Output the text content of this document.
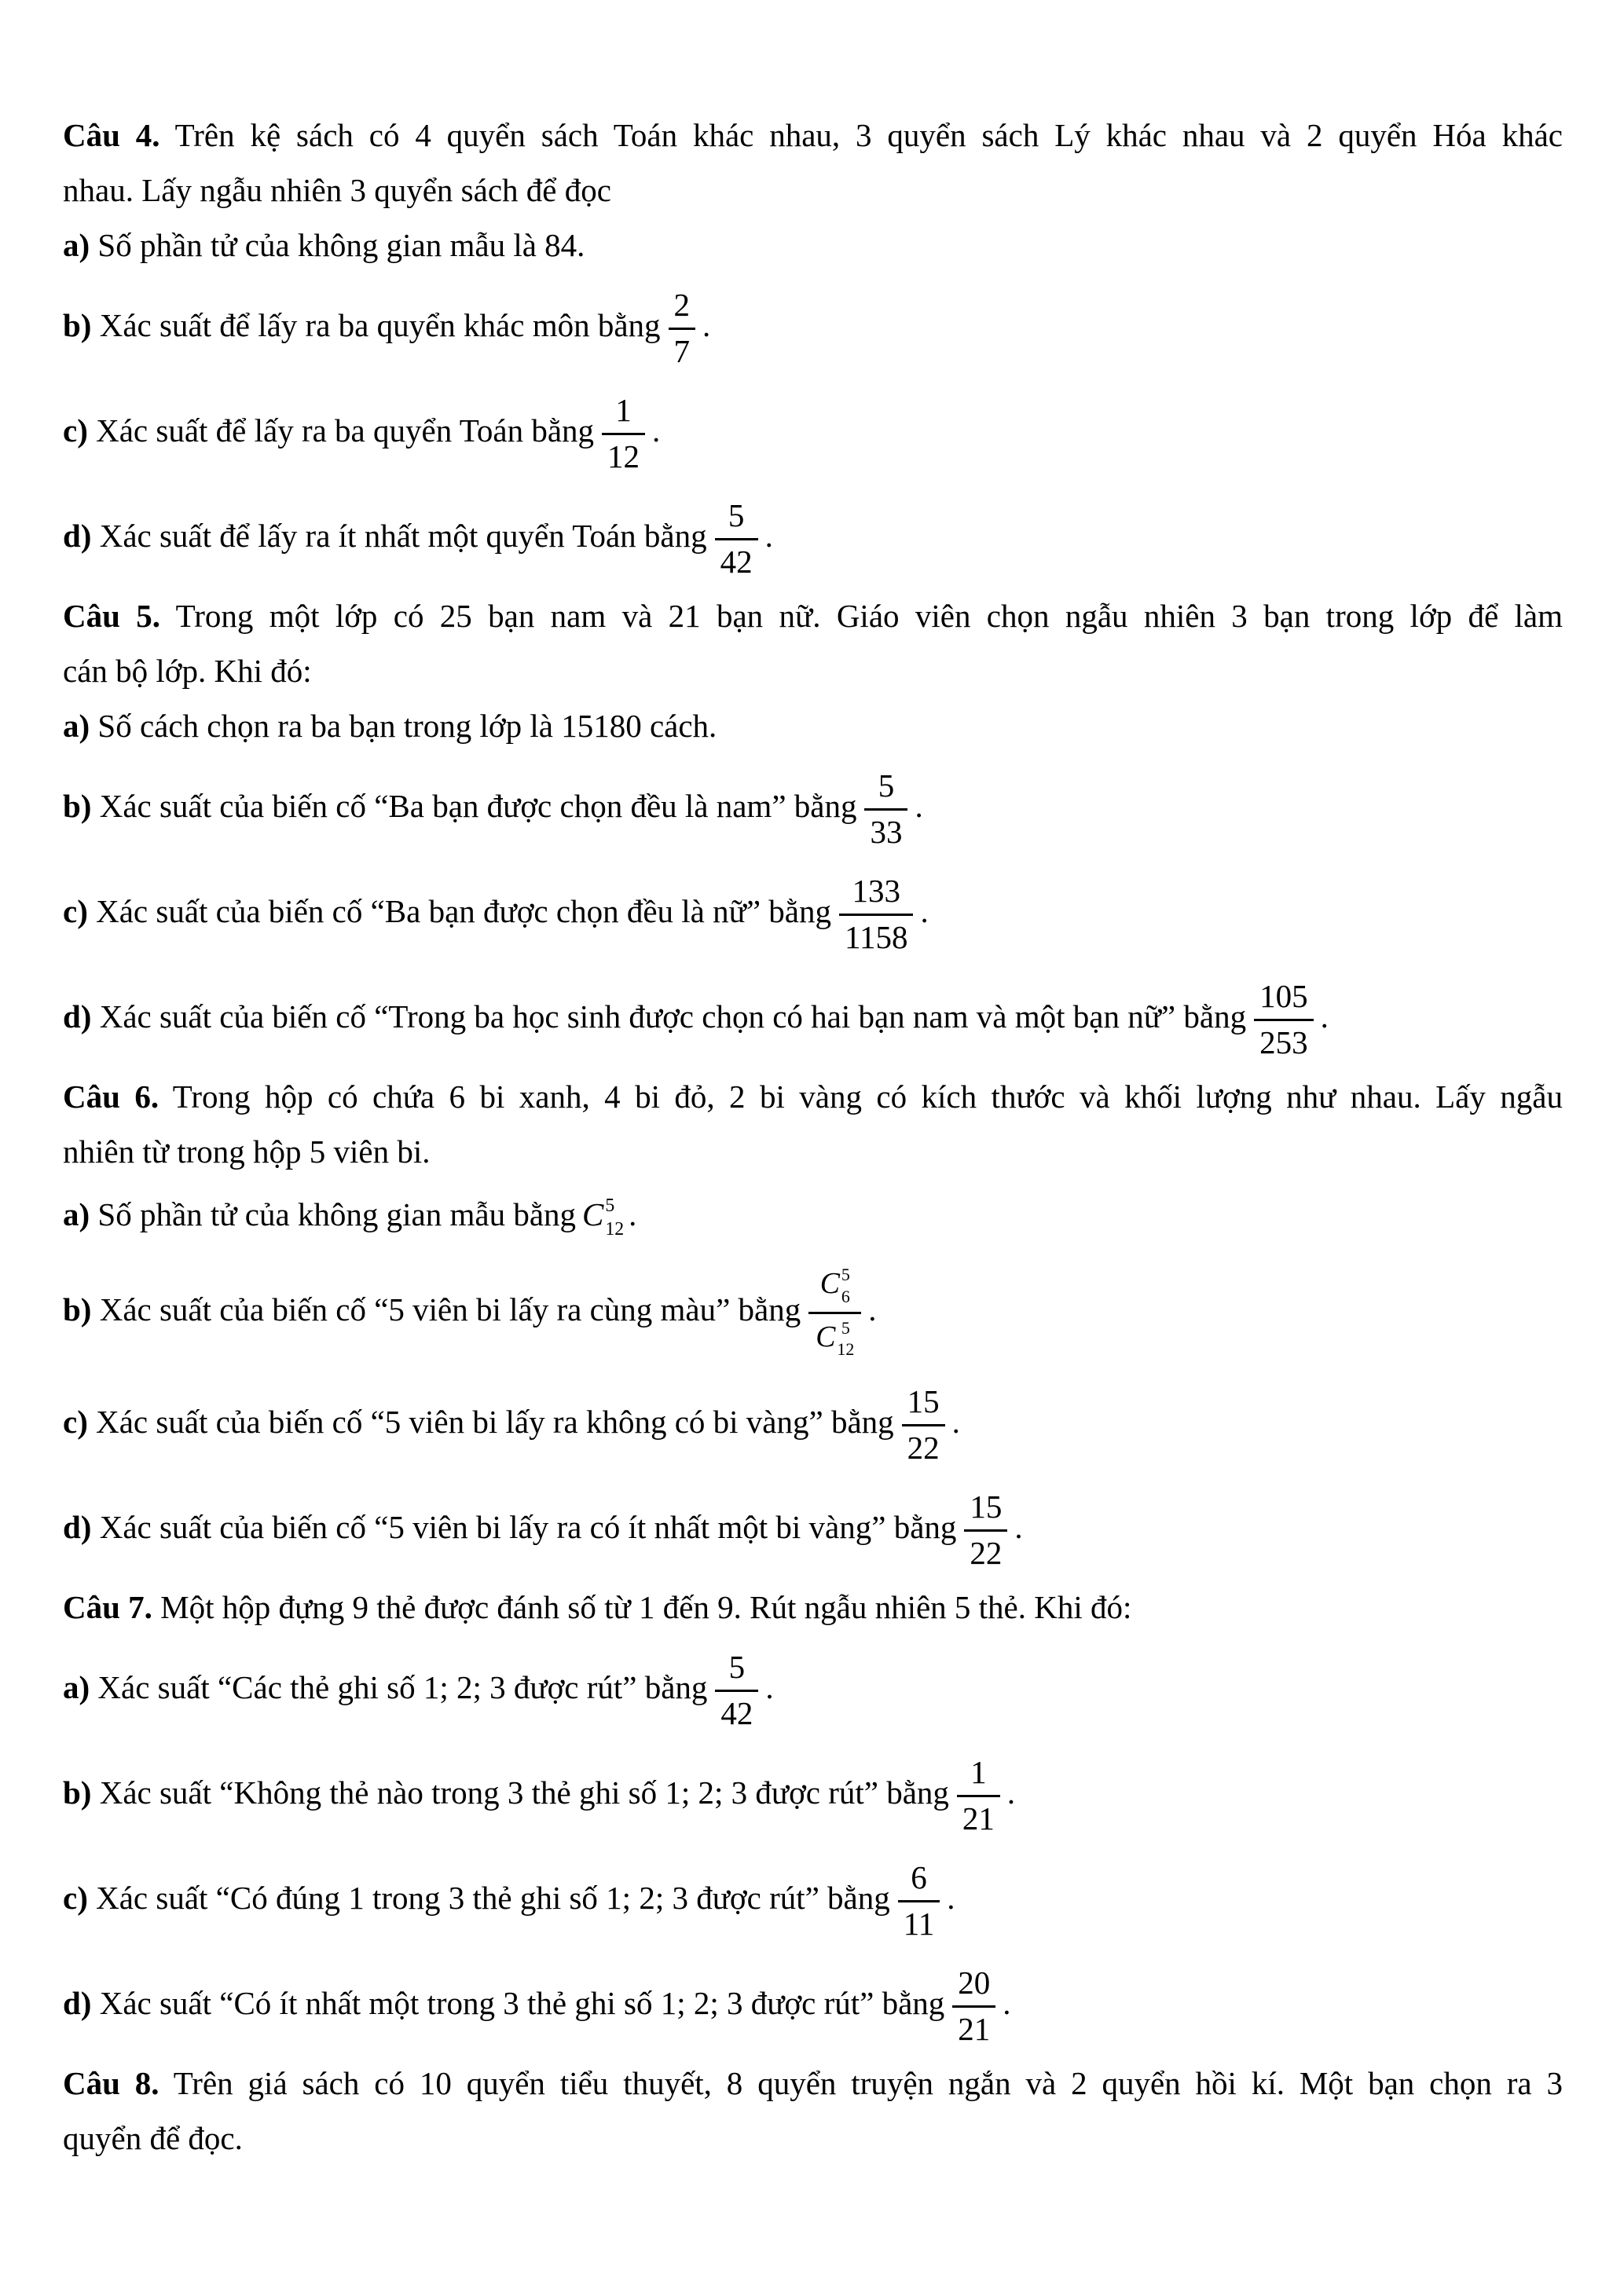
Câu 4. Trên kệ sách có 4 quyển sách Toán khác nhau, 3 quyển sách Lý khác nhau và 2 quyển Hóa khác
nhau. Lấy ngẫu nhiên 3 quyển sách để đọc
a) Số phần tử của không gian mẫu là 84.
b) Xác suất để lấy ra ba quyển khác môn bằng $\frac{2}{7}$ .
c) Xác suất để lấy ra ba quyển Toán bằng $\frac{1}{12}$ .
d) Xác suất để lấy ra ít nhất một quyển Toán bằng $\frac{5}{42}$ .
Câu 5. Trong một lớp có 25 bạn nam và 21 bạn nữ. Giáo viên chọn ngẫu nhiên 3 bạn trong lớp để làm
cán bộ lớp. Khi đó:
a) Số cách chọn ra ba bạn trong lớp là 15180 cách.
b) Xác suất của biến cố “Ba bạn được chọn đều là nam” bằng $\frac{5}{33}$ .
c) Xác suất của biến cố “Ba bạn được chọn đều là nữ” bằng $\frac{133}{1158}$ .
d) Xác suất của biến cố “Trong ba học sinh được chọn có hai bạn nam và một bạn nữ” bằng $\frac{105}{253}$ .
Câu 6. Trong hộp có chứa 6 bi xanh, 4 bi đỏ, 2 bi vàng có kích thước và khối lượng như nhau. Lấy ngẫu
nhiên từ trong hộp 5 viên bi.
a) Số phần tử của không gian mẫu bằng C 5
12 .
b) Xác suất của biến cố “5 viên bi lấy ra cùng màu” bằng C 5
6
C 5
12 .
c) Xác suất của biến cố “5 viên bi lấy ra không có bi vàng” bằng $\frac{15}{22}$ .
d) Xác suất của biến cố “5 viên bi lấy ra có ít nhất một bi vàng” bằng $\frac{15}{22}$ .
Câu 7. Một hộp đựng 9 thẻ được đánh số từ 1 đến 9. Rút ngẫu nhiên 5 thẻ. Khi đó:
a) Xác suất “Các thẻ ghi số 1; 2; 3 được rút” bằng $\frac{5}{42}$ .
b) Xác suất “Không thẻ nào trong 3 thẻ ghi số 1; 2; 3 được rút” bằng $\frac{1}{21}$ .
c) Xác suất “Có đúng 1 trong 3 thẻ ghi số 1; 2; 3 được rút” bằng $\frac{6}{11}$ .
d) Xác suất “Có ít nhất một trong 3 thẻ ghi số 1; 2; 3 được rút” bằng $\frac{20}{21}$ .
Câu 8. Trên giá sách có 10 quyển tiểu thuyết, 8 quyển truyện ngắn và 2 quyển hồi kí. Một bạn chọn ra 3
quyển để đọc.
